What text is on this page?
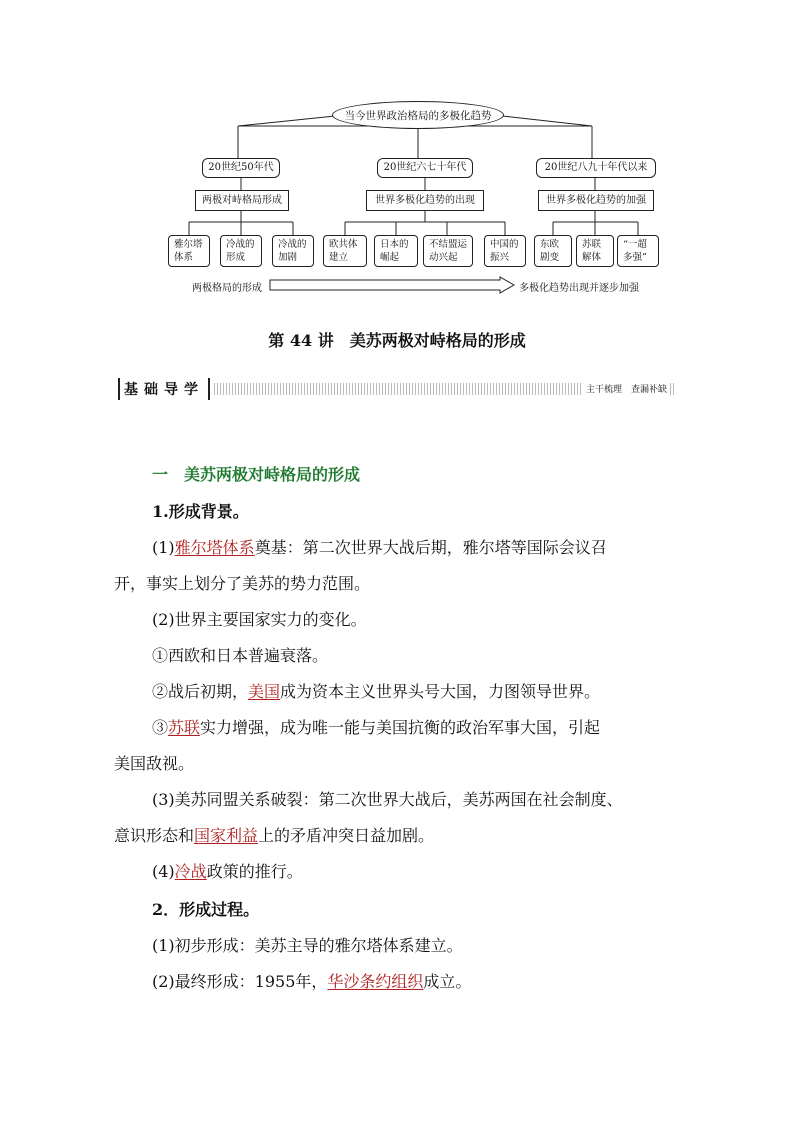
当今世界政治格局的多极化趋势
20世纪50年代	20世纪六七十年代	20世纪八九十年代以来
两极对峙格局形成	世界多极化趋势的出现	世界多极化趋势的加强
雅尔塔
体系
冷战的
形成
冷战的
加剧
欧共体
建立
日本的
崛起
不结盟运
动兴起
中国的
振兴
东欧
剧变
苏联
解体
“一超
多强”
两极格局的形成	多极化趋势出现并逐步加强
第 44 讲　美苏两极对峙格局的形成
基础导学	主干梳理　查漏补缺
一　美苏两极对峙格局的形成
1.形成背景。
(1)雅尔塔体系奠基：第二次世界大战后期，雅尔塔等国际会议召
开，事实上划分了美苏的势力范围。
(2)世界主要国家实力的变化。
①西欧和日本普遍衰落。
②战后初期，美国成为资本主义世界头号大国，力图领导世界。
③苏联实力增强，成为唯一能与美国抗衡的政治军事大国，引起
美国敌视。
(3)美苏同盟关系破裂：第二次世界大战后，美苏两国在社会制度、
意识形态和国家利益上的矛盾冲突日益加剧。
(4)冷战政策的推行。
2．形成过程。
(1)初步形成：美苏主导的雅尔塔体系建立。
(2)最终形成：1955年，华沙条约组织成立。
